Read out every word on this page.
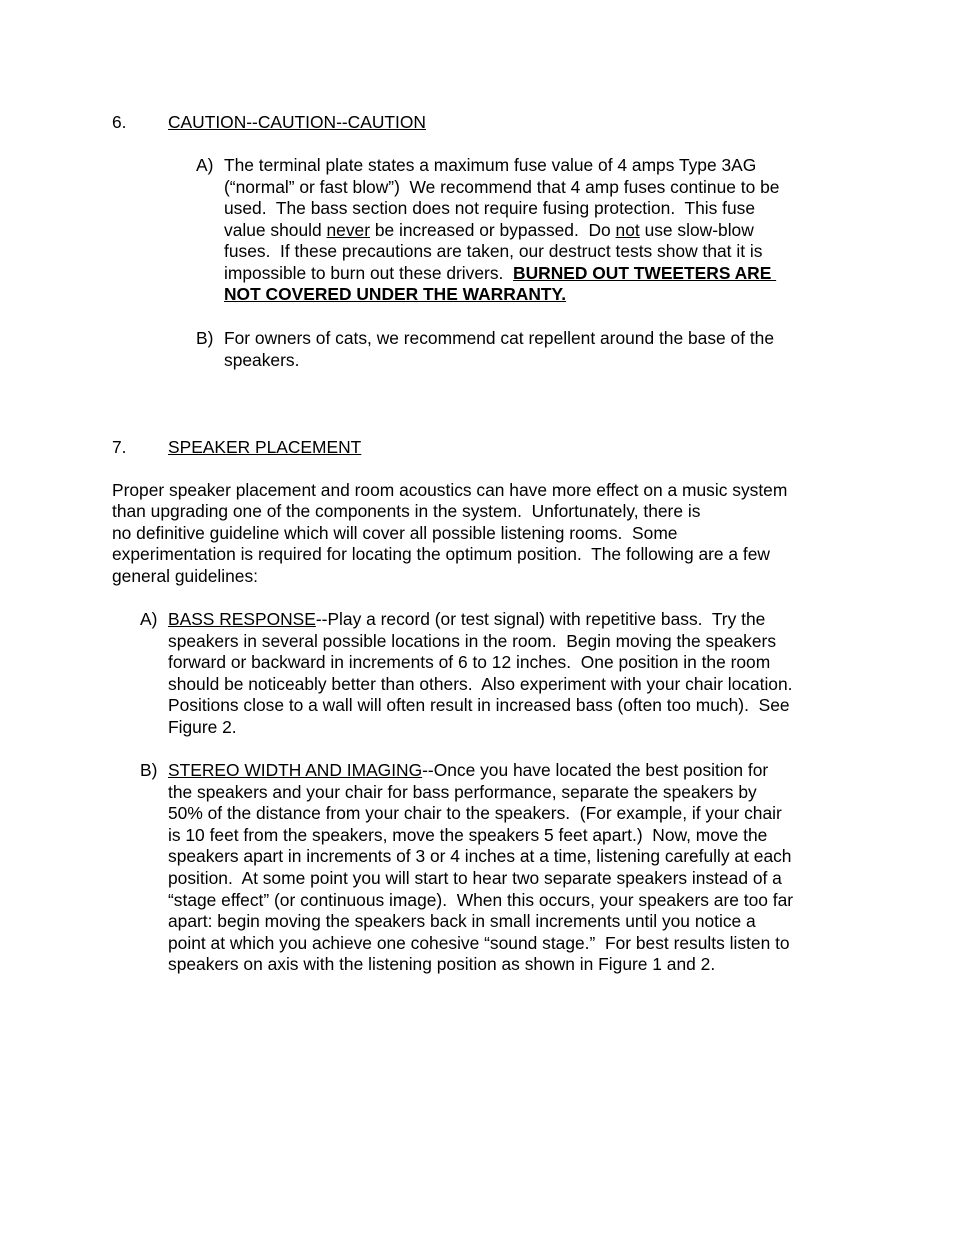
6. CAUTION--CAUTION--CAUTION
A) The terminal plate states a maximum fuse value of 4 amps Type 3AG
(“normal” or fast blow”)  We recommend that 4 amp fuses continue to be
used.  The bass section does not require fusing protection.  This fuse
value should never be increased or bypassed.  Do not use slow-blow
fuses.  If these precautions are taken, our destruct tests show that it is
impossible to burn out these drivers.  BURNED OUT TWEETERS ARE
NOT COVERED UNDER THE WARRANTY.
B) For owners of cats, we recommend cat repellent around the base of the
speakers.
7. SPEAKER PLACEMENT
Proper speaker placement and room acoustics can have more effect on a music system
than upgrading one of the components in the system.  Unfortunately, there is
no definitive guideline which will cover all possible listening rooms.  Some
experimentation is required for locating the optimum position.  The following are a few
general guidelines:
A) BASS RESPONSE--Play a record (or test signal) with repetitive bass.  Try the
speakers in several possible locations in the room.  Begin moving the speakers
forward or backward in increments of 6 to 12 inches.  One position in the room
should be noticeably better than others.  Also experiment with your chair location.
Positions close to a wall will often result in increased bass (often too much).  See
Figure 2.
B) STEREO WIDTH AND IMAGING--Once you have located the best position for
the speakers and your chair for bass performance, separate the speakers by
50% of the distance from your chair to the speakers.  (For example, if your chair
is 10 feet from the speakers, move the speakers 5 feet apart.)  Now, move the
speakers apart in increments of 3 or 4 inches at a time, listening carefully at each
position.  At some point you will start to hear two separate speakers instead of a
“stage effect” (or continuous image).  When this occurs, your speakers are too far
apart: begin moving the speakers back in small increments until you notice a
point at which you achieve one cohesive “sound stage.”  For best results listen to
speakers on axis with the listening position as shown in Figure 1 and 2.
